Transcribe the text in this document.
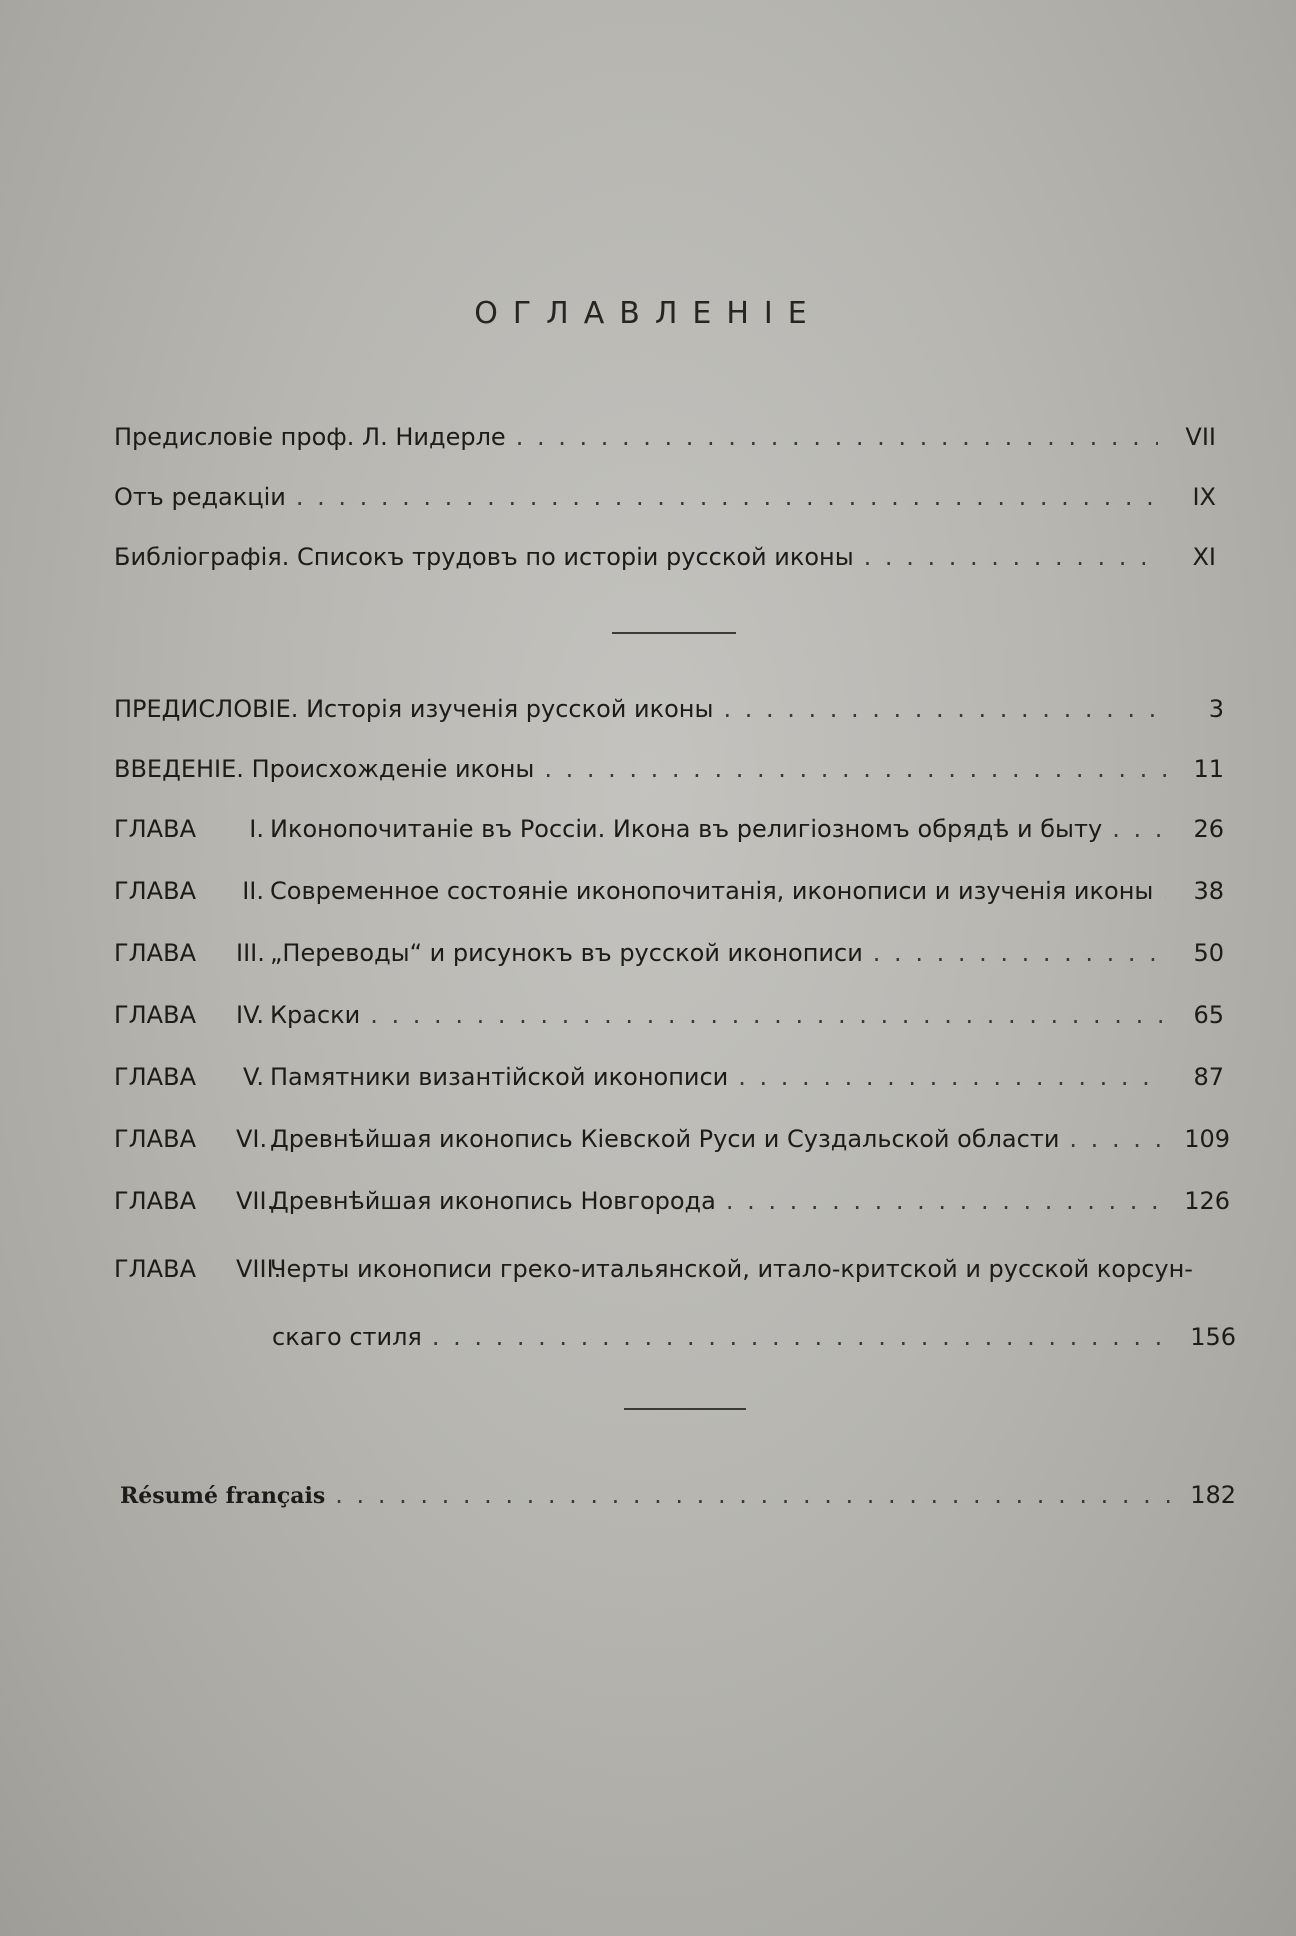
ОГЛАВЛЕНІЕ
Предисловіе проф. Л. Нидерле . . .	VII
Отъ редакціи . . .	IX
Библіографія. Списокъ трудовъ по исторіи русской иконы . . .	XI
ПРЕДИСЛОВІЕ. Исторія изученія русской иконы . . .	3
ВВЕДЕНІЕ. Происхожденіе иконы . . .	11
ГЛАВА I. Иконопочитаніе въ Россіи. Икона въ религіозномъ обрядѣ и быту . . .	26
ГЛАВА II. Современное состояніе иконопочитанія, иконописи и изученія иконы . . .	38
ГЛАВА III. „Переводы“ и рисунокъ въ русской иконописи . . .	50
ГЛАВА IV. Краски . . .	65
ГЛАВА V. Памятники византійской иконописи . . .	87
ГЛАВА VI. Древнѣйшая иконопись Кіевской Руси и Суздальской области . . .	109
ГЛАВА VII.Древнѣйшая иконопись Новгорода . . .	126
ГЛАВА VIII.Черты иконописи греко-итальянской, итало-критской и русской корсун-
скаго стиля . . .	156
Résumé français . . .	182
